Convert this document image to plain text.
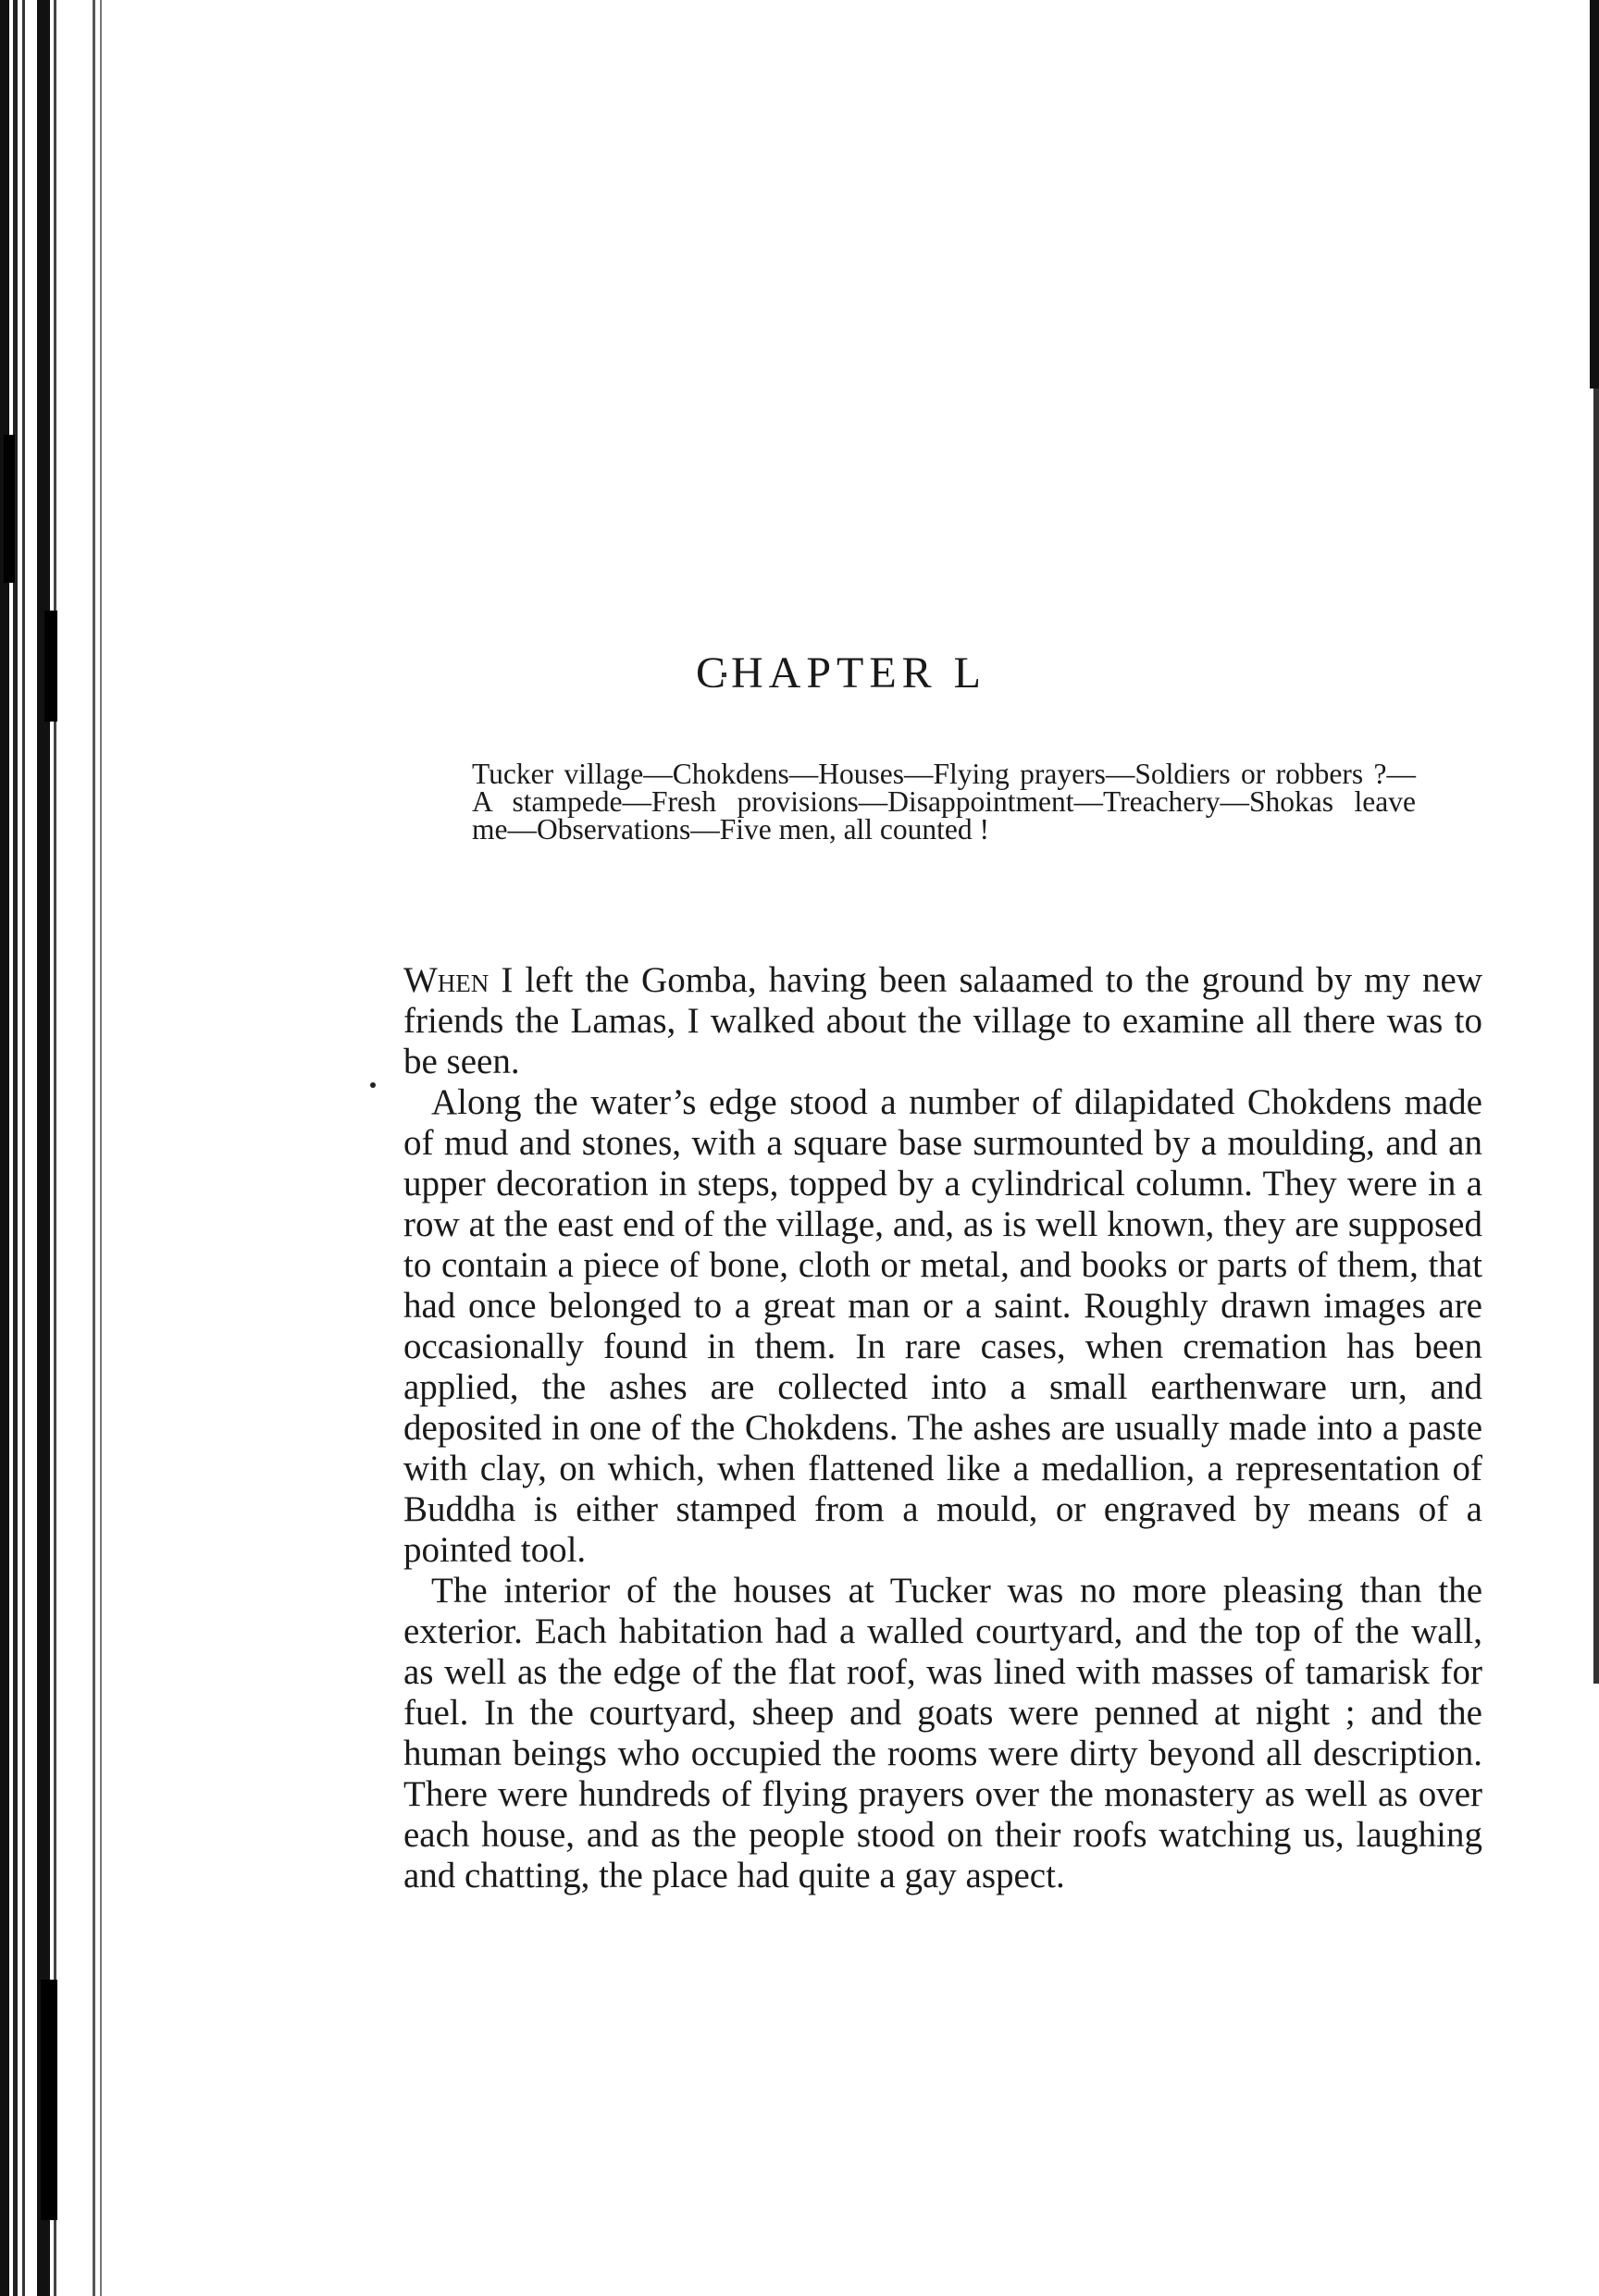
CHAPTER L

Tucker village—Chokdens—Houses—Flying prayers—Soldiers or robbers ?—A stampede—Fresh provisions—Disappointment—Treachery—Shokas leave me—Observations—Five men, all counted !

When I left the Gomba, having been salaamed to the ground by my new friends the Lamas, I walked about the village to examine all there was to be seen.

Along the water’s edge stood a number of dilapidated Chokdens made of mud and stones, with a square base surmounted by a moulding, and an upper decoration in steps, topped by a cylindrical column. They were in a row at the east end of the village, and, as is well known, they are supposed to contain a piece of bone, cloth or metal, and books or parts of them, that had once belonged to a great man or a saint. Roughly drawn images are occasionally found in them. In rare cases, when cremation has been applied, the ashes are collected into a small earthenware urn, and deposited in one of the Chokdens. The ashes are usually made into a paste with clay, on which, when flattened like a medallion, a representation of Buddha is either stamped from a mould, or engraved by means of a pointed tool.

The interior of the houses at Tucker was no more pleasing than the exterior. Each habitation had a walled courtyard, and the top of the wall, as well as the edge of the flat roof, was lined with masses of tamarisk for fuel. In the courtyard, sheep and goats were penned at night ; and the human beings who occupied the rooms were dirty beyond all description. There were hundreds of flying prayers over the monastery as well as over each house, and as the people stood on their roofs watching us, laughing and chatting, the place had quite a gay aspect.
